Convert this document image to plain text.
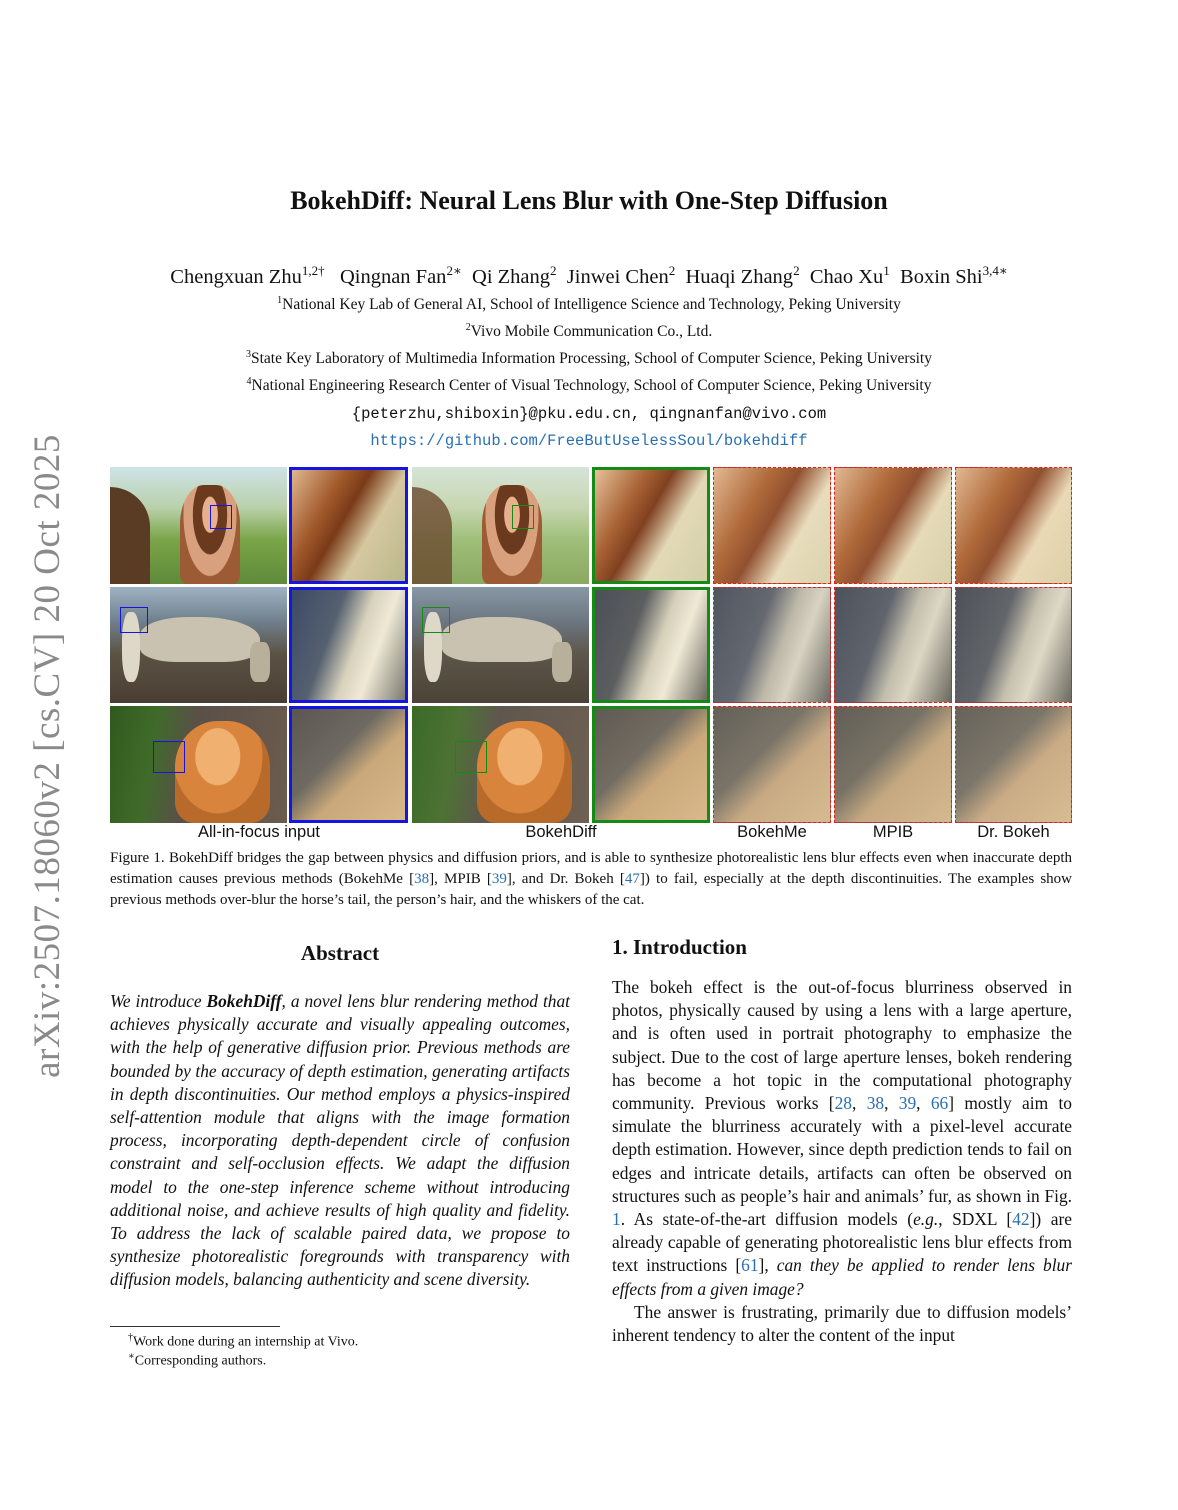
arXiv:2507.18060v2 [cs.CV] 20 Oct 2025
BokehDiff: Neural Lens Blur with One-Step Diffusion
Chengxuan Zhu$^{1,2\dagger}$ Qingnan Fan$^{2∗}$ Qi Zhang$^2$ Jinwei Chen$^2$ Huaqi Zhang$^2$ Chao Xu$^1$ Boxin Shi$^{3,4∗}$
$^1$National Key Lab of General AI, School of Intelligence Science and Technology, Peking University
$^2$Vivo Mobile Communication Co., Ltd.
$^3$State Key Laboratory of Multimedia Information Processing, School of Computer Science, Peking University
$^4$National Engineering Research Center of Visual Technology, School of Computer Science, Peking University
{peterzhu,shiboxin}@pku.edu.cn, qingnanfan@vivo.com
https://github.com/FreeButUselessSoul/bokehdiff
All-in-focus input	BokehDiff	BokehMe	MPIB	Dr. Bokeh
Figure 1. BokehDiff bridges the gap between physics and diffusion priors, and is able to synthesize photorealistic lens blur effects even when inaccurate depth estimation causes previous methods (BokehMe [38], MPIB [39], and Dr. Bokeh [47]) to fail, especially at the depth discontinuities. The examples show previous methods over-blur the horse’s tail, the person’s hair, and the whiskers of the cat.
Abstract
We introduce BokehDiff, a novel lens blur rendering method that achieves physically accurate and visually appealing outcomes, with the help of generative diffusion prior. Previous methods are bounded by the accuracy of depth estimation, generating artifacts in depth discontinuities. Our method employs a physics-inspired self-attention module that aligns with the image formation process, incorporating depth-dependent circle of confusion constraint and self-occlusion effects. We adapt the diffusion model to the one-step inference scheme without introducing additional noise, and achieve results of high quality and fidelity. To address the lack of scalable paired data, we propose to synthesize photorealistic foregrounds with transparency with diffusion models, balancing authenticity and scene diversity.
†Work done during an internship at Vivo.
∗Corresponding authors.
1. Introduction

The bokeh effect is the out-of-focus blurriness observed in photos, physically caused by using a lens with a large aperture, and is often used in portrait photography to emphasize the subject. Due to the cost of large aperture lenses, bokeh rendering has become a hot topic in the computational photography community. Previous works [28, 38, 39, 66] mostly aim to simulate the blurriness accurately with a pixel-level accurate depth estimation. However, since depth prediction tends to fail on edges and intricate details, artifacts can often be observed on structures such as people’s hair and animals’ fur, as shown in Fig. 1. As state-of-the-art diffusion models (e.g., SDXL [42]) are already capable of generating photorealistic lens blur effects from text instructions [61], can they be applied to render lens blur effects from a given image?

The answer is frustrating, primarily due to diffusion models’ inherent tendency to alter the content of the input
